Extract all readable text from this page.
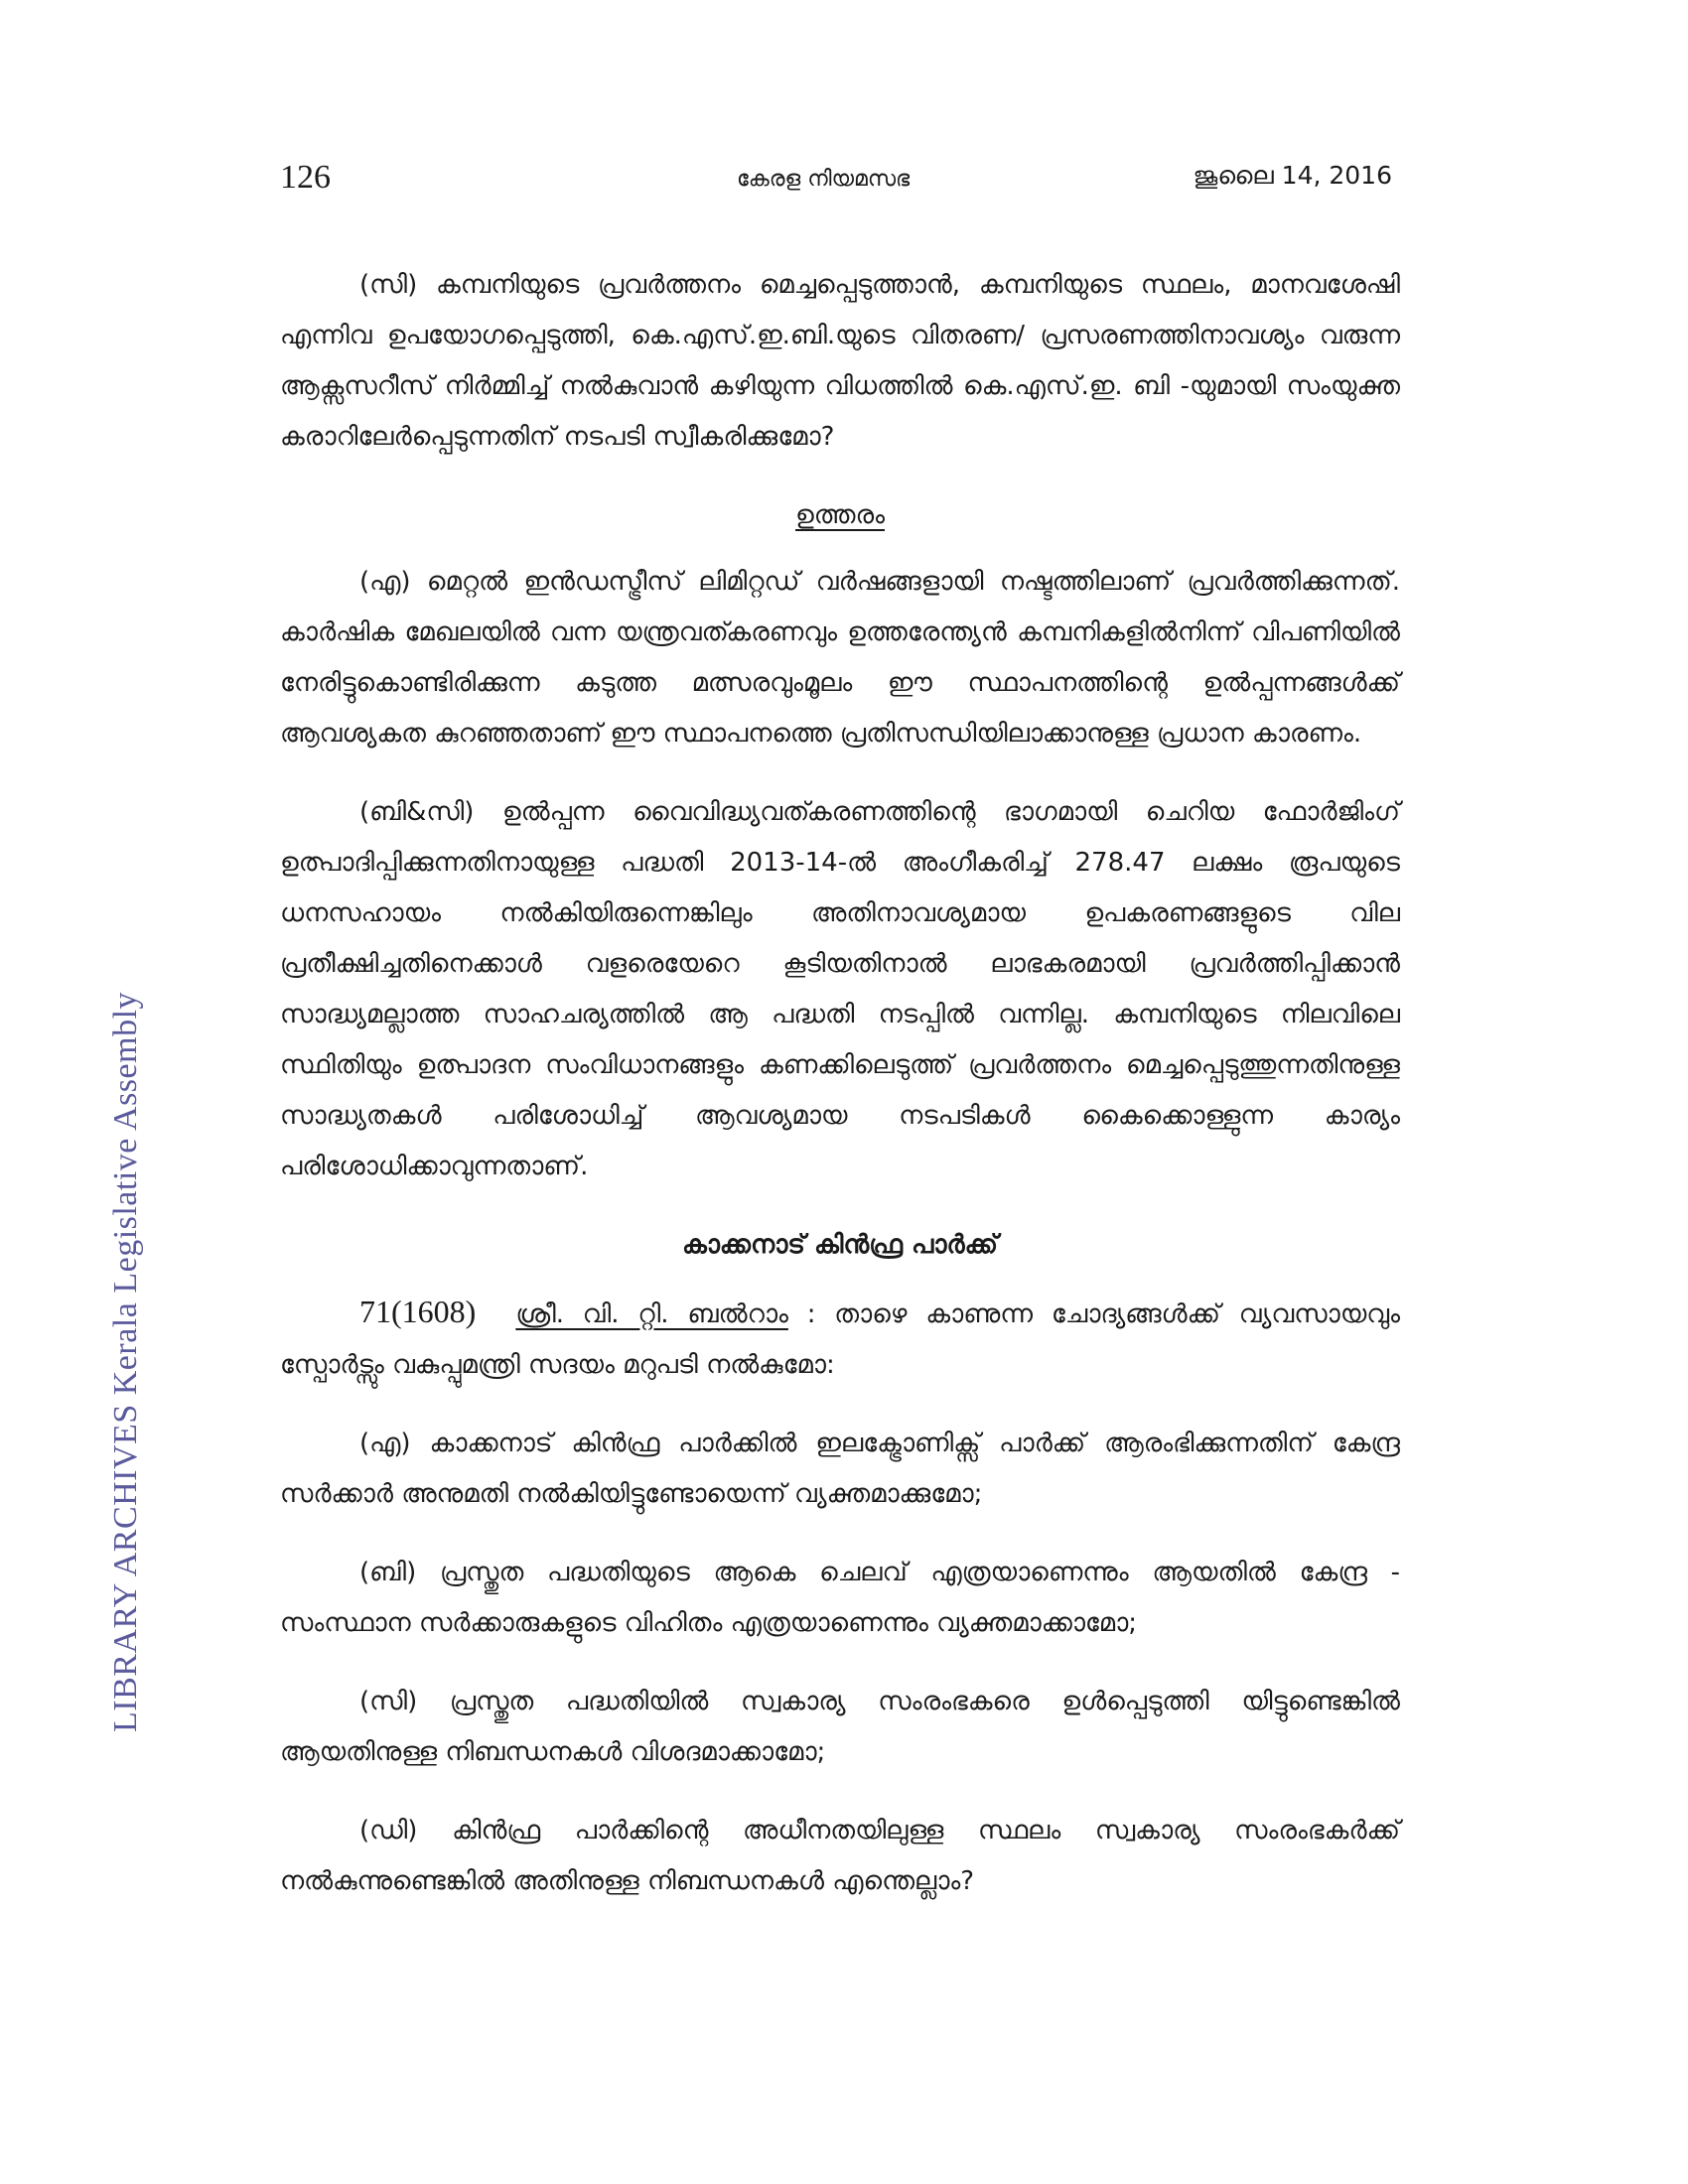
LIBRARY ARCHIVES Kerala Legislative Assembly
126	കേരള നിയമസഭ	ജൂലൈ 14, 2016

(സി) കമ്പനിയുടെ പ്രവർത്തനം മെച്ചപ്പെടുത്താൻ, കമ്പനിയുടെ സ്ഥലം, മാനവശേഷി എന്നിവ ഉപയോഗപ്പെടുത്തി, കെ.എസ്.ഇ.ബി.യുടെ വിതരണ/ പ്രസരണത്തിനാവശ്യം വരുന്ന ആക്സസറീസ് നിർമ്മിച്ച് നൽകുവാൻ കഴിയുന്ന വിധത്തിൽ കെ.എസ്.ഇ. ബി -യുമായി സംയുക്ത കരാറിലേർപ്പെടുന്നതിന് നടപടി സ്വീകരിക്കുമോ?

ഉത്തരം

(എ) മെറ്റൽ ഇൻഡസ്ട്രീസ് ലിമിറ്റഡ് വർഷങ്ങളായി നഷ്ടത്തിലാണ് പ്രവർത്തിക്കുന്നത്. കാർഷിക മേഖലയിൽ വന്ന യന്ത്രവത്കരണവും ഉത്തരേന്ത്യൻ കമ്പനികളിൽനിന്ന് വിപണിയിൽ നേരിട്ടുകൊണ്ടിരിക്കുന്ന കടുത്ത മത്സരവുംമൂലം ഈ സ്ഥാപനത്തിന്റെ ഉൽപ്പന്നങ്ങൾക്ക് ആവശ്യകത കുറഞ്ഞതാണ് ഈ സ്ഥാപനത്തെ പ്രതിസന്ധിയിലാക്കാനുള്ള പ്രധാന കാരണം.

(ബി&സി) ഉൽപ്പന്ന വൈവിദ്ധ്യവത്കരണത്തിന്റെ ഭാഗമായി ചെറിയ ഫോർജിംഗ് ഉത്പാദിപ്പിക്കുന്നതിനായുള്ള പദ്ധതി 2013-14-ൽ അംഗീകരിച്ച് 278.47 ലക്ഷം രൂപയുടെ ധനസഹായം നൽകിയിരുന്നെങ്കിലും അതിനാവശ്യമായ ഉപകരണങ്ങളുടെ വില പ്രതീക്ഷിച്ചതിനെക്കാൾ വളരെയേറെ കൂടിയതിനാൽ ലാഭകരമായി പ്രവർത്തിപ്പിക്കാൻ സാദ്ധ്യമല്ലാത്ത സാഹചര്യത്തിൽ ആ പദ്ധതി നടപ്പിൽ വന്നില്ല. കമ്പനിയുടെ നിലവിലെ സ്ഥിതിയും ഉത്പാദന സംവിധാനങ്ങളും കണക്കിലെടുത്ത് പ്രവർത്തനം മെച്ചപ്പെടുത്തുന്നതിനുള്ള സാദ്ധ്യതകൾ പരിശോധിച്ച് ആവശ്യമായ നടപടികൾ കൈക്കൊള്ളുന്ന കാര്യം പരിശോധിക്കാവുന്നതാണ്.

കാക്കനാട് കിൻഫ്ര പാർക്ക്

71(1608) ശ്രീ. വി. റ്റി. ബൽറാം : താഴെ കാണുന്ന ചോദ്യങ്ങൾക്ക് വ്യവസായവും സ്പോർട്സും വകുപ്പുമന്ത്രി സദയം മറുപടി നൽകുമോ:

(എ) കാക്കനാട് കിൻഫ്ര പാർക്കിൽ ഇലക്ട്രോണിക്സ് പാർക്ക് ആരംഭിക്കുന്നതിന് കേന്ദ്ര സർക്കാർ അനുമതി നൽകിയിട്ടുണ്ടോയെന്ന് വ്യക്തമാക്കുമോ;

(ബി) പ്രസ്തുത പദ്ധതിയുടെ ആകെ ചെലവ് എത്രയാണെന്നും ആയതിൽ കേന്ദ്ര - സംസ്ഥാന സർക്കാരുകളുടെ വിഹിതം എത്രയാണെന്നും വ്യക്തമാക്കാമോ;

(സി) പ്രസ്തുത പദ്ധതിയിൽ സ്വകാര്യ സംരംഭകരെ ഉൾപ്പെടുത്തി യിട്ടുണ്ടെങ്കിൽ ആയതിനുള്ള നിബന്ധനകൾ വിശദമാക്കാമോ;

(ഡി) കിൻഫ്ര പാർക്കിന്റെ അധീനതയിലുള്ള സ്ഥലം സ്വകാര്യ സംരംഭകർക്ക് നൽകുന്നുണ്ടെങ്കിൽ അതിനുള്ള നിബന്ധനകൾ എന്തെല്ലാം?
